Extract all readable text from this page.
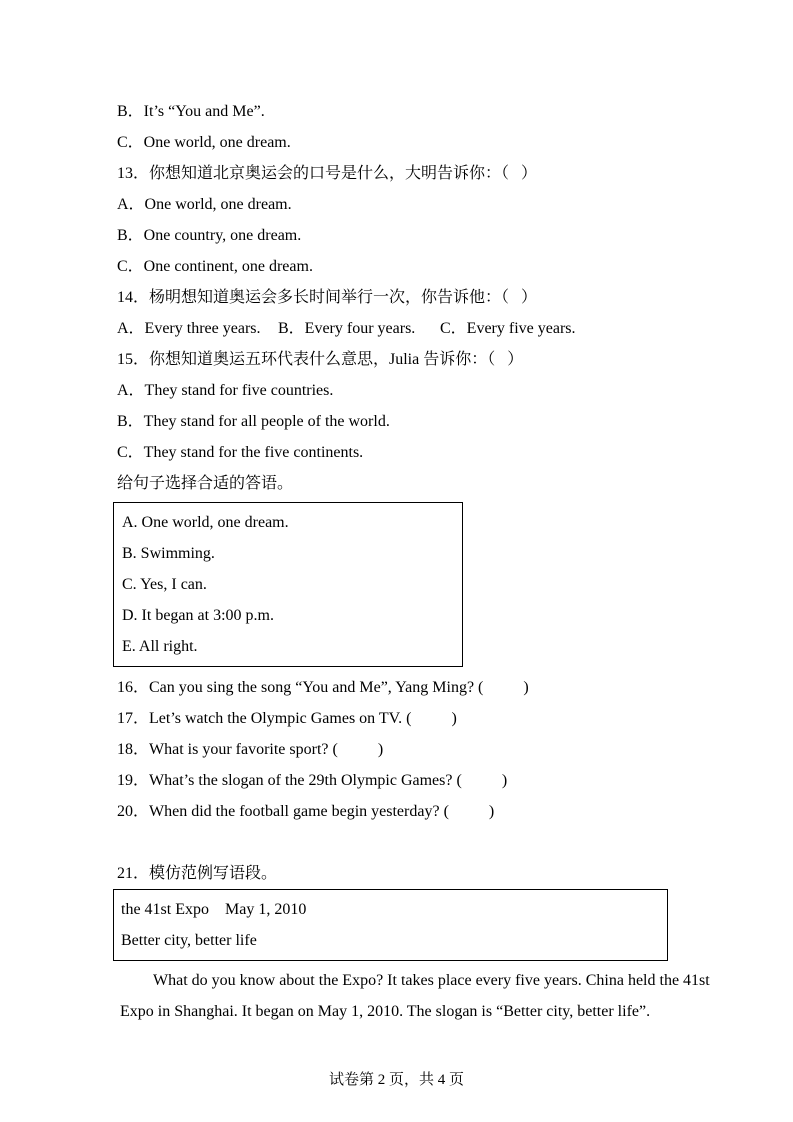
B．It’s “You and Me”.
C．One world, one dream.
13．你想知道北京奥运会的口号是什么，大明告诉你：（   ）
A．One world, one dream.
B．One country, one dream.
C．One continent, one dream.
14．杨明想知道奥运会多长时间举行一次，你告诉他：（   ）
A．Every three years. B．Every four years. C．Every five years.
15．你想知道奥运五环代表什么意思，Julia 告诉你：（   ）
A．They stand for five countries.
B．They stand for all people of the world.
C．They stand for the five continents.
给句子选择合适的答语。
A. One world, one dream.
B. Swimming.
C. Yes, I can.
D. It began at 3:00 p.m.
E. All right.
16．Can you sing the song “You and Me”, Yang Ming? (          )
17．Let’s watch the Olympic Games on TV. (          )
18．What is your favorite sport? (          )
19．What’s the slogan of the 29th Olympic Games? (          )
20．When did the football game begin yesterday? (          )
21．模仿范例写语段。
the 41st Expo May 1, 2010
Better city, better life
What do you know about the Expo? It takes place every five years. China held the 41st
Expo in Shanghai. It began on May 1, 2010. The slogan is “Better city, better life”.
试卷第 2 页，共 4 页
